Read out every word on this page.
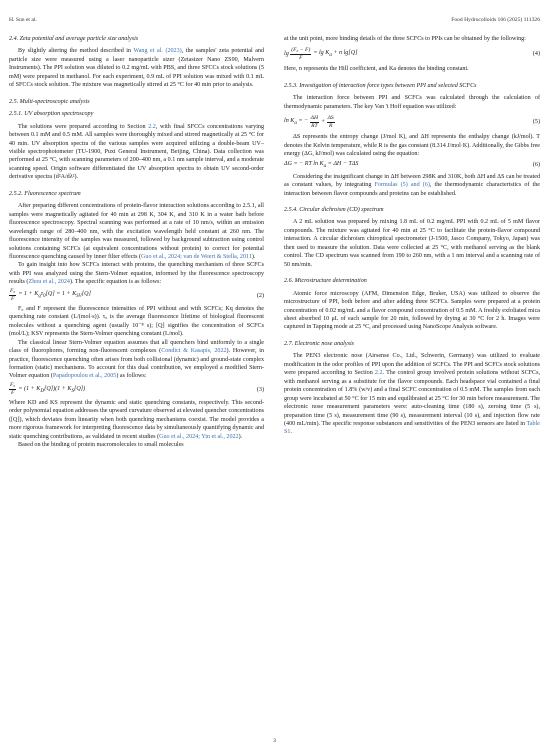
H. Sun et al.	Food Hydrocolloids 166 (2025) 111326
2.4. Zeta potential and average particle size analysis

By slightly altering the method described in Wang et al. (2023), the samples' zeta potential and particle size were measured using a laser nanoparticle sizer (Zetasizer Nano ZS90, Malvern Instruments). The PPI solution was diluted to 0.2 mg/mL with PBS, and three SFCCs stock solutions (5 mM) were prepared in methanol. For each experiment, 0.9 mL of PPI solution was mixed with 0.1 mL of SFCCs stock solution. The mixture was magnetically stirred at 25 °C for 40 min prior to analysis.

2.5. Multi-spectroscopic analysis
2.5.1. UV absorption spectroscopy

The solutions were prepared according to Section 2.2, with final SFCCs concentrations varying between 0.1 mM and 0.5 mM. All samples were thoroughly mixed and stirred magnetically at 25 °C for 40 min. UV absorption spectra of the various samples were acquired utilizing a double-beam UV–visible spectrophotometer (TU-1900, Puxi General Instrument, Beijing, China). Data collection was performed at 25 °C, with scanning parameters of 200–400 nm, a 0.1 nm sample interval, and a moderate scanning speed. Origin software differentiated the UV absorption spectra to obtain UV second-order derivative spectra (d²A/dλ²).

2.5.2. Fluorescence spectrum

After preparing different concentrations of protein-flavor interaction solutions according to 2.5.1, all samples were magnetically agitated for 40 min at 298 K, 304 K, and 310 K in a water bath before fluorescence spectroscopy. Spectral scanning was performed at a rate of 10 nm/s, within an emission wavelength range of 280–400 nm, with the excitation wavelength held constant at 260 nm. The fluorescence intensity of the samples was measured, followed by background subtraction using control solutions containing SCFCs (at equivalent concentrations without protein) to correct for potential fluorescence quenching caused by inner filter effects (Guo et al., 2024; van de Weert & Stella, 2011).

To gain insight into how SCFCs interact with proteins, the quenching mechanism of three SCFCs with PPI was analyzed using the Stern-Volmer equation, informed by the fluorescence spectroscopy results (Zhou et al., 2024). The specific equation is as follows:

$\frac{\text{F₀}}{F} = 1 + K_q\tau_0[Q] = 1 + K_{SV}[Q]$	(2)

F₀ and F represent the fluorescence intensities of PPI without and with SCFCs; Kq denotes the quenching rate constant (L/(mol·s)). τ₀ is the average fluorescence lifetime of biological fluorescent molecules without a quenching agent (usually 10⁻⁸ s); [Q] signifies the concentration of SCFCs (mol/L); KSV represents the Stern-Volmer quenching constant (L/mol).

The classical linear Stern-Volmer equation assumes that all quenchers bind uniformly to a single class of fluorophores, forming non-fluorescent complexes (Condict & Kasapis, 2022). However, in practice, fluorescence quenching often arises from both collisional (dynamic) and ground-state complex formation (static) mechanisms. To account for this dual contribution, we employed a modified Stern-Volmer equation (Papadopoulou et al., 2005) as follows:

$\frac{\text{F₀}}{F} = (1 + K_D[Q])(1 + K_S[Q])$	(3)

Where KD and KS represent the dynamic and static quenching constants, respectively. This second-order polynomial equation addresses the upward curvature observed at elevated quencher concentrations ([Q]), which deviates from linearity when both quenching mechanisms coexist. The model provides a more rigorous framework for interpreting fluorescence data by simultaneously quantifying dynamic and static quenching contributions, as validated in recent studies (Guo et al., 2024; Yin et al., 2022).

Based on the binding of protein macromolecules to small molecules

at the unit point, more binding details of the three SCFCs to PPIs can be obtained by the following:

$\lg \frac{\text{(F₀ − F)}}{F} = \lg K_a + n$ lg[Q]	(4)

Here, n represents the Hill coefficient, and Ka denotes the binding constant.

2.5.3. Investigation of interaction force types between PPI and selected SCFCs

The interaction force between PPI and SCFCs was calculated through the calculation of thermodynamic parameters. The key Van 't Hoff equation was utilized:

$\ln K_a$ = − $\frac{\Delta H}{RT} + \frac{\Delta S}{R}$	(5)

ΔS represents the entropy change (J/mol K), and ΔH represents the enthalpy change (kJ/mol). T denotes the Kelvin temperature, while R is the gas constant (8.314 J/mol·K). Additionally, the Gibbs free energy (ΔG, kJ/mol) was calculated using the equation:

ΔG = − RT $\ln K_a = \Delta H - T\Delta S$	(6)

Considering the insignificant change in ΔH between 298K and 310K, both ΔH and ΔS can be treated as constant values, by integrating Formulas (5) and (6), the thermodynamic characteristics of the interaction between flavor compounds and proteins can be established.

2.5.4. Circular dichroism (CD) spectrum

A 2 mL solution was prepared by mixing 1.8 mL of 0.2 mg/mL PPI with 0.2 mL of 5 mM flavor compounds. The mixture was agitated for 40 min at 25 °C to facilitate the protein-flavor compound interaction. A circular dichroism chiroptical spectrometer (J-1500, Jasco Company, Tokyo, Japan) was then used to measure the solution. Data were collected at 25 °C, with methanol serving as the blank control. The CD spectrum was scanned from 190 to 260 nm, with a 1 nm interval and a scanning rate of 50 nm/min.

2.6. Microstructure determination

Atomic force microscopy (AFM, Dimension Edge, Bruker, USA) was utilized to observe the microstructure of PPI, both before and after adding three SCFCs. Samples were prepared at a protein concentration of 0.02 mg/mL and a flavor compound concentration of 0.5 mM. A freshly exfoliated mica sheet absorbed 10 μL of each sample for 20 min, followed by drying at 30 °C for 2 h. Images were captured in Tapping mode at 25 °C, and processed using NanoScope Analysis software.

2.7. Electronic nose analysis

The PEN3 electronic nose (Airsense Co., Ltd., Schwerin, Germany) was utilized to evaluate modification in the odor profiles of PPI upon the addition of SCFCs. The PPI and SCFCs stock solutions were prepared according to Section 2.2. The control group involved protein solutions without SCFCs, with methanol serving as a substitute for the flavor compounds. Each headspace vial contained a final protein concentration of 1.8% (w/v) and a final SCFC concentration of 0.5 mM. The samples from each group were incubated at 50 °C for 15 min and equilibrated at 25 °C for 30 min before measurement. The electronic nose measurement parameters were: auto-cleaning time (180 s), zeroing time (5 s), preparation time (5 s), measurement time (90 s), measurement interval (10 s), and injection flow rate (400 mL/min). The specific response substances and sensitivities of the PEN3 sensors are listed in Table S1.

3
